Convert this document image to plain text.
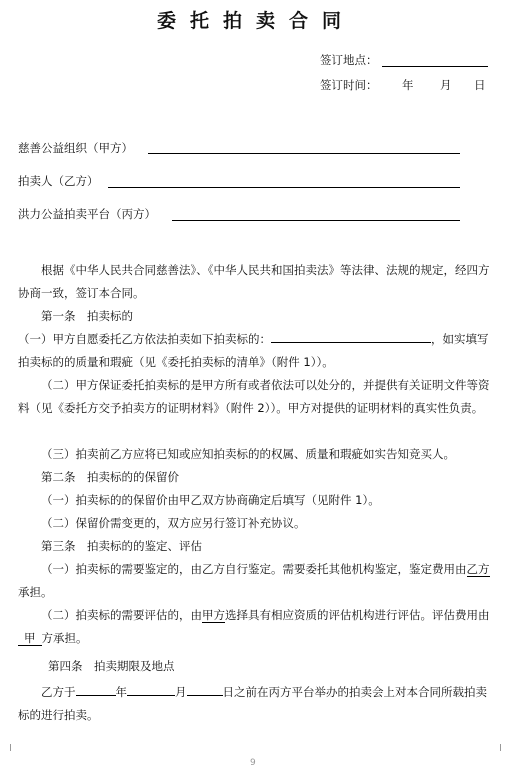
委托拍卖合同
签订地点：
签订时间： 年 月 日
慈善公益组织（甲方）
拍卖人（乙方）
洪力公益拍卖平台（丙方）
根据《中华人民共合同慈善法》、《中华人民共和国拍卖法》等法律、法规的规定，经四方协商一致，签订本合同。
第一条　拍卖标的
（一）甲方自愿委托乙方依法拍卖如下拍卖标的：	，如实填写拍卖标的的质量和瑕疵（见《委托拍卖标的清单》（附件 1））。
（二）甲方保证委托拍卖标的是甲方所有或者依法可以处分的，并提供有关证明文件等资料（见《委托方交予拍卖方的证明材料》（附件 2））。甲方对提供的证明材料的真实性负责。
（三）拍卖前乙方应将已知或应知拍卖标的的权属、质量和瑕疵如实告知竞买人。
第二条　拍卖标的的保留价
（一）拍卖标的的保留价由甲乙双方协商确定后填写（见附件 1）。
（二）保留价需变更的，双方应另行签订补充协议。
第三条　拍卖标的的鉴定、评估
（一）拍卖标的需要鉴定的，由乙方自行鉴定。需要委托其他机构鉴定，鉴定费用由乙方承担。
（二）拍卖标的需要评估的，由甲方选择具有相应资质的评估机构进行评估。评估费用由甲 方承担。
第四条　拍卖期限及地点
乙方于	年	月	日之前在丙方平台举办的拍卖会上对本合同所载拍卖标的进行拍卖。
9
